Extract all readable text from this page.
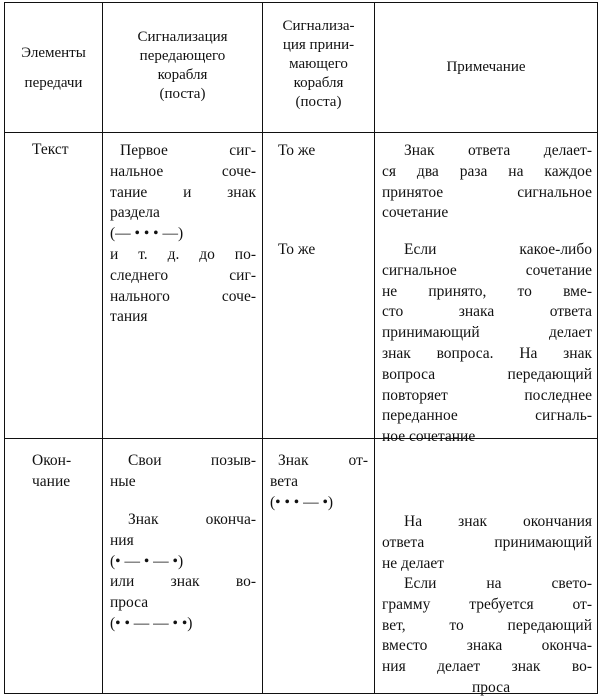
Элементы
передачи
Сигнализация
передающего
корабля
(поста)
Сигнализа-
ция прини-
мающего
корабля
(поста)
Примечание
Текст	Первое сиг-
нальное сочe-
тание и знак
раздела
(— • • • —)
и т. д. до по-
следнего сиг-
нального соче-
тания
То же
То же
Знак ответа делает-
ся два раза на каждое
принятое сигнальное
сочетание
Если какое-либо
сигнальное сочетание
не принято, то вме-
сто знака ответа
принимающий делает
знак вопроса. На знак
вопроса передающий
повторяет последнее
переданное сигналь-
ное сочетание
Окон-
чание
Свои позыв-
ные
Знак оконча-
ния
(• — • — •)
или знак во-
проса
(• • — — • •)
Знак от-
вета
(• • • — •)
На знак окончания
ответа принимающий
не делает
Если на свето-
грамму требуется от-
вет, то передающий
вместо знака оконча-
ния делает знак во-
проса
